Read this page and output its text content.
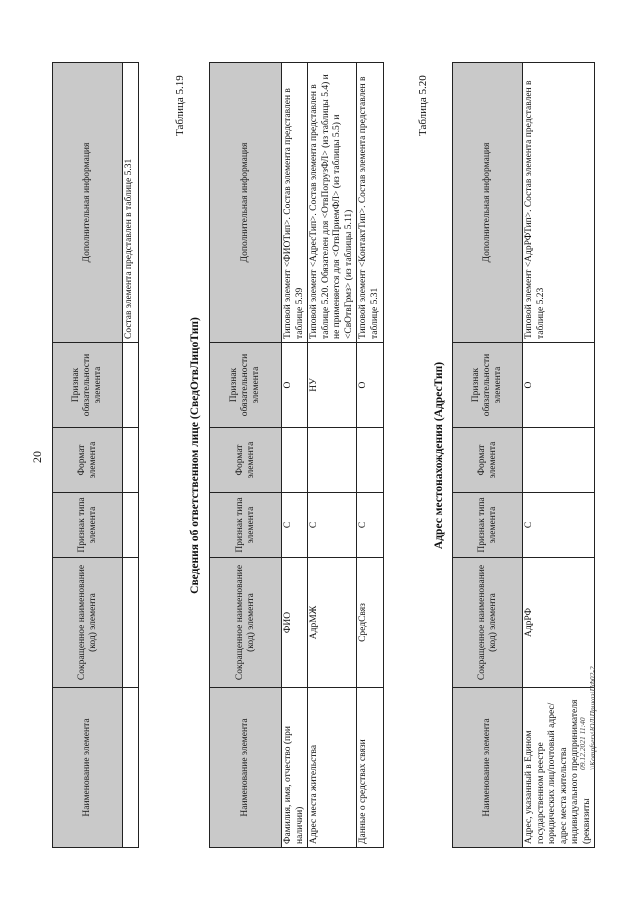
20
Наименование элемента	Сокращенное наименование (код) элемента	Признак типа элемента	Формат элемента	Признак обязательности элемента	Дополнительная информация
					Состав элемента представлен в таблице 5.31
Таблица 5.19
Сведения об ответственном лице (СведОтвЛицоТип)
Наименование элемента	Сокращенное наименование (код) элемента	Признак типа элемента	Формат элемента	Признак обязательности элемента	Дополнительная информация
Фамилия, имя, отчество (при наличии)	ФИО	С		О	Типовой элемент <ФИОТип>. Состав элемента представлен в таблице 5.39
Адрес места жительства	АдрМЖ	С		НУ	Типовой элемент <АдресТип>. Состав элемента представлен в таблице 5.20. Обязателен для <ОтвПогрузФЛ> (из таблицы 5.4) и не применяется для <ОтвПриемФЛ> (из таблицы 5.5) и <СвОтвГрмз> (из таблицы 5.11)
Данные о средствах связи	СредСвяз	С		О	Типовой элемент <КонтактТип>. Состав элемента представлен в таблице 5.31
Таблица 5.20
Адрес местонахождения (АдресТип)
Наименование элемента	Сокращенное наименование (код) элемента	Признак типа элемента	Формат элемента	Признак обязательности элемента	Дополнительная информация
Адрес, указанный в Едином государственном реестре юридических лиц/почтовый адрес/адрес места жительства индивидуального предпринимателя (реквизиты	АдрРФ	С		О	Типовой элемент <АдрРФТип>. Состав элемента представлен в таблице 5.23
09.12.2021 11:40 \\Kompfserv\ЮЛ\Приказ\ПФ02-2
